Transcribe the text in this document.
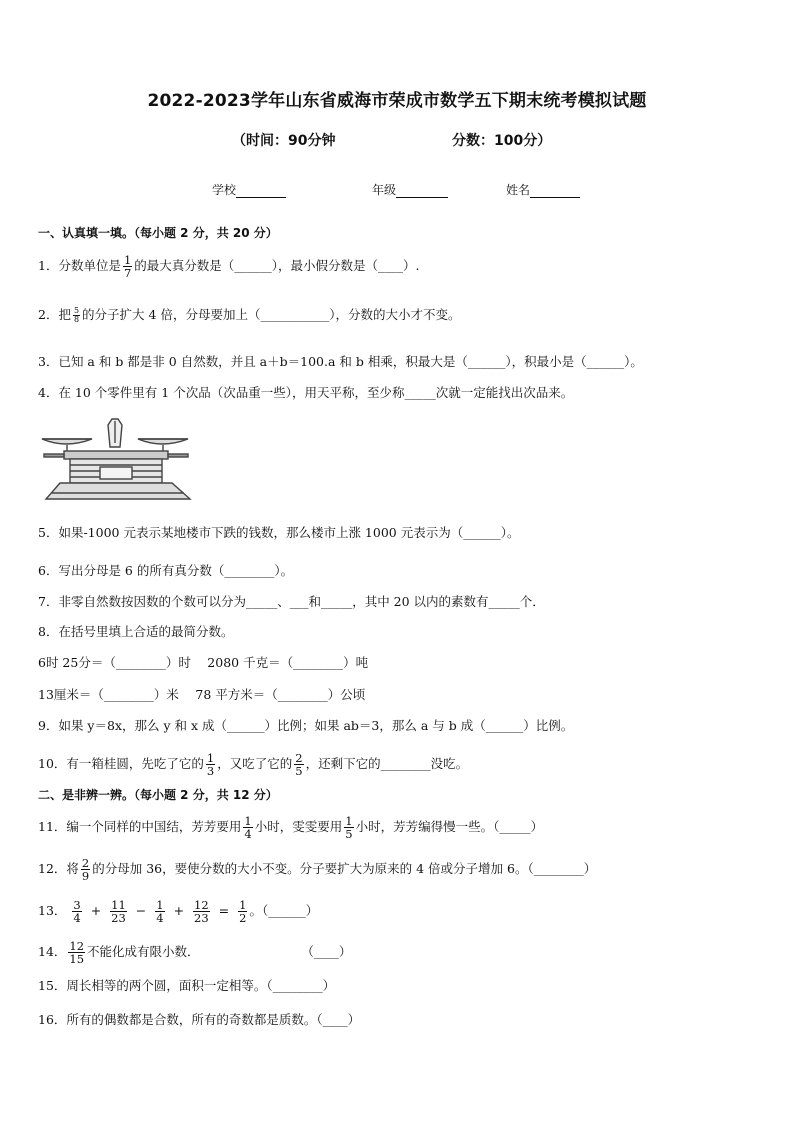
2022-2023学年山东省威海市荣成市数学五下期末统考模拟试题
（时间：90分钟	分数：100分）
学校	年级	姓名
一、认真填一填。（每小题 2 分，共 20 分）
1．分数单位是 $\frac{1}{7}$ 的最大真分数是（______），最小假分数是（____）.
2．把 $\frac{5}{8}$ 的分子扩大 4 倍，分母要加上（___________），分数的大小才不变。
3．已知 a 和 b 都是非 0 自然数，并且 a＋b＝100.a 和 b 相乘，积最大是（______），积最小是（______）。
4．在 10 个零件里有 1 个次品（次品重一些），用天平称，至少称_____次就一定能找出次品来。
5．如果-1000 元表示某地楼市下跌的钱数，那么楼市上涨 1000 元表示为（______）。
6．写出分母是 6 的所有真分数（________）。
7．非零自然数按因数的个数可以分为_____、___和_____，其中 20 以内的素数有_____个．
8．在括号里填上合适的最简分数。
6时 25分＝（________）时　 2080 千克＝（________）吨
13厘米＝（________）米　 78 平方米＝（________）公顷
9．如果 y＝8x，那么 y 和 x 成（______）比例；如果 ab＝3，那么 a 与 b 成（______）比例。
10．有一箱桂圆，先吃了它的 $\frac{1}{3}$ ，又吃了它的 $\frac{2}{5}$ ，还剩下它的________没吃。
二、是非辨一辨。（每小题 2 分，共 12 分）
11．编一个同样的中国结，芳芳要用 $\frac{1}{4}$ 小时，雯雯要用 $\frac{1}{5}$ 小时，芳芳编得慢一些。（_____）
12．将 $\frac{2}{9}$ 的分母加 36，要使分数的大小不变。分子要扩大为原来的 4 倍或分子增加 6。（________）
13． $\frac{3}{4} + \frac{11}{23} - \frac{1}{4} + \frac{12}{23} = \frac{1}{2}$ 。（______）
14． $\frac{12}{15}$ 不能化成有限小数．	（____）
15．周长相等的两个圆，面积一定相等。（________）
16．所有的偶数都是合数，所有的奇数都是质数。（____）
